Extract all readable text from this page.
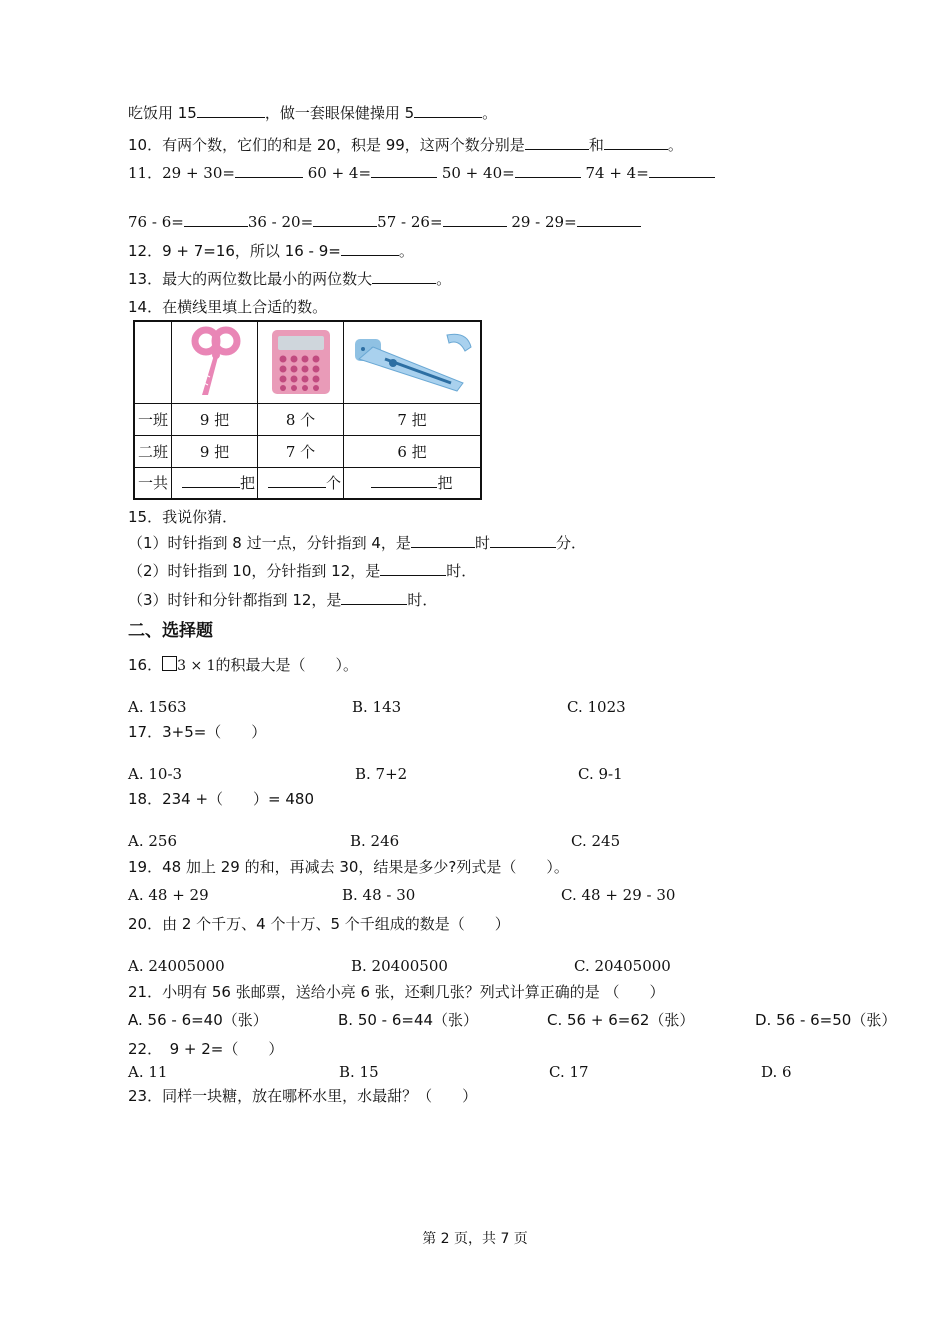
吃饭用 15	，做一套眼保健操用 5	。
10．有两个数，它们的和是 20，积是 99，这两个数分别是	和	。
11．29 + 30=	60 + 4=	50 + 40=	74 + 4=
76 - 6=	36 - 20=	57 - 26=	29 - 29=
12．9 + 7=16，所以 16 - 9=	。
13．最大的两位数比最小的两位数大	。
14．在横线里填上合适的数。

一班	9 把	8 个	7 把
二班	9 把	7 个	6 把
一共	把	个	把
15．我说你猜．
（1）时针指到 8 过一点，分针指到 4，是	时	分．
（2）时针指到 10，分针指到 12，是	时．
（3）时针和分针都指到 12，是	时．
二、选择题
16． 3 × 1的积最大是（　　）。
A. 1563	B. 143	C. 1023
17．3+5=（　　）
A. 10-3	B. 7+2	C. 9-1
18．234 +（　　）= 480
A. 256	B. 246	C. 245
19．48 加上 29 的和，再减去 30，结果是多少?列式是（　　）。
A. 48 + 29	B. 48 - 30	C. 48 + 29 - 30
20．由 2 个千万、4 个十万、5 个千组成的数是（　　）
A. 24005000	B. 20400500	C. 20405000
21．小明有 56 张邮票，送给小亮 6 张，还剩几张？列式计算正确的是 （　　）
A. 56 - 6=40（张）	B. 50 - 6=44（张）	C. 56 + 6=62（张）	D. 56 - 6=50（张）
22．　9 + 2=（　　）
A. 11	B. 15	C. 17	D. 6
23．同样一块糖，放在哪杯水里，水最甜？（　　）
第 2 页，共 7 页
